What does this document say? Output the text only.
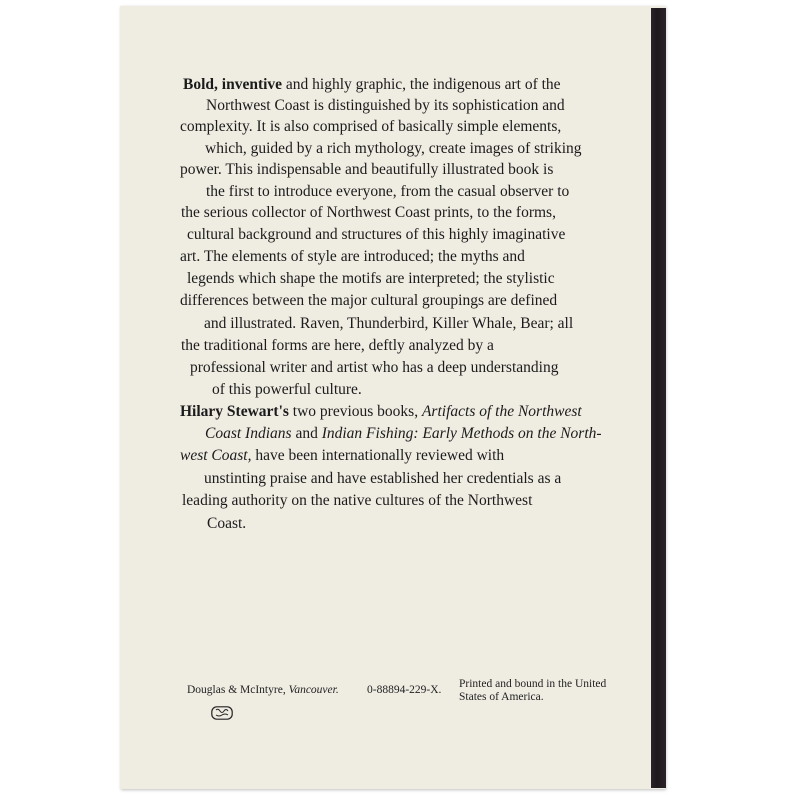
Bold, inventive and highly graphic, the indigenous art of the
Northwest Coast is distinguished by its sophistication and
complexity. It is also comprised of basically simple elements,
which, guided by a rich mythology, create images of striking
power. This indispensable and beautifully illustrated book is
the first to introduce everyone, from the casual observer to
the serious collector of Northwest Coast prints, to the forms,
cultural background and structures of this highly imaginative
art. The elements of style are introduced; the myths and
legends which shape the motifs are interpreted; the stylistic
differences between the major cultural groupings are defined
and illustrated. Raven, Thunderbird, Killer Whale, Bear; all
the traditional forms are here, deftly analyzed by a
professional writer and artist who has a deep understanding
of this powerful culture.
Hilary Stewart's two previous books, Artifacts of the Northwest
Coast Indians and Indian Fishing: Early Methods on the North-
west Coast, have been internationally reviewed with
unstinting praise and have established her credentials as a
leading authority on the native cultures of the Northwest
Coast.
Douglas & McIntyre, Vancouver. 0-88894-229-X. Printed and bound in the United
States of America.
